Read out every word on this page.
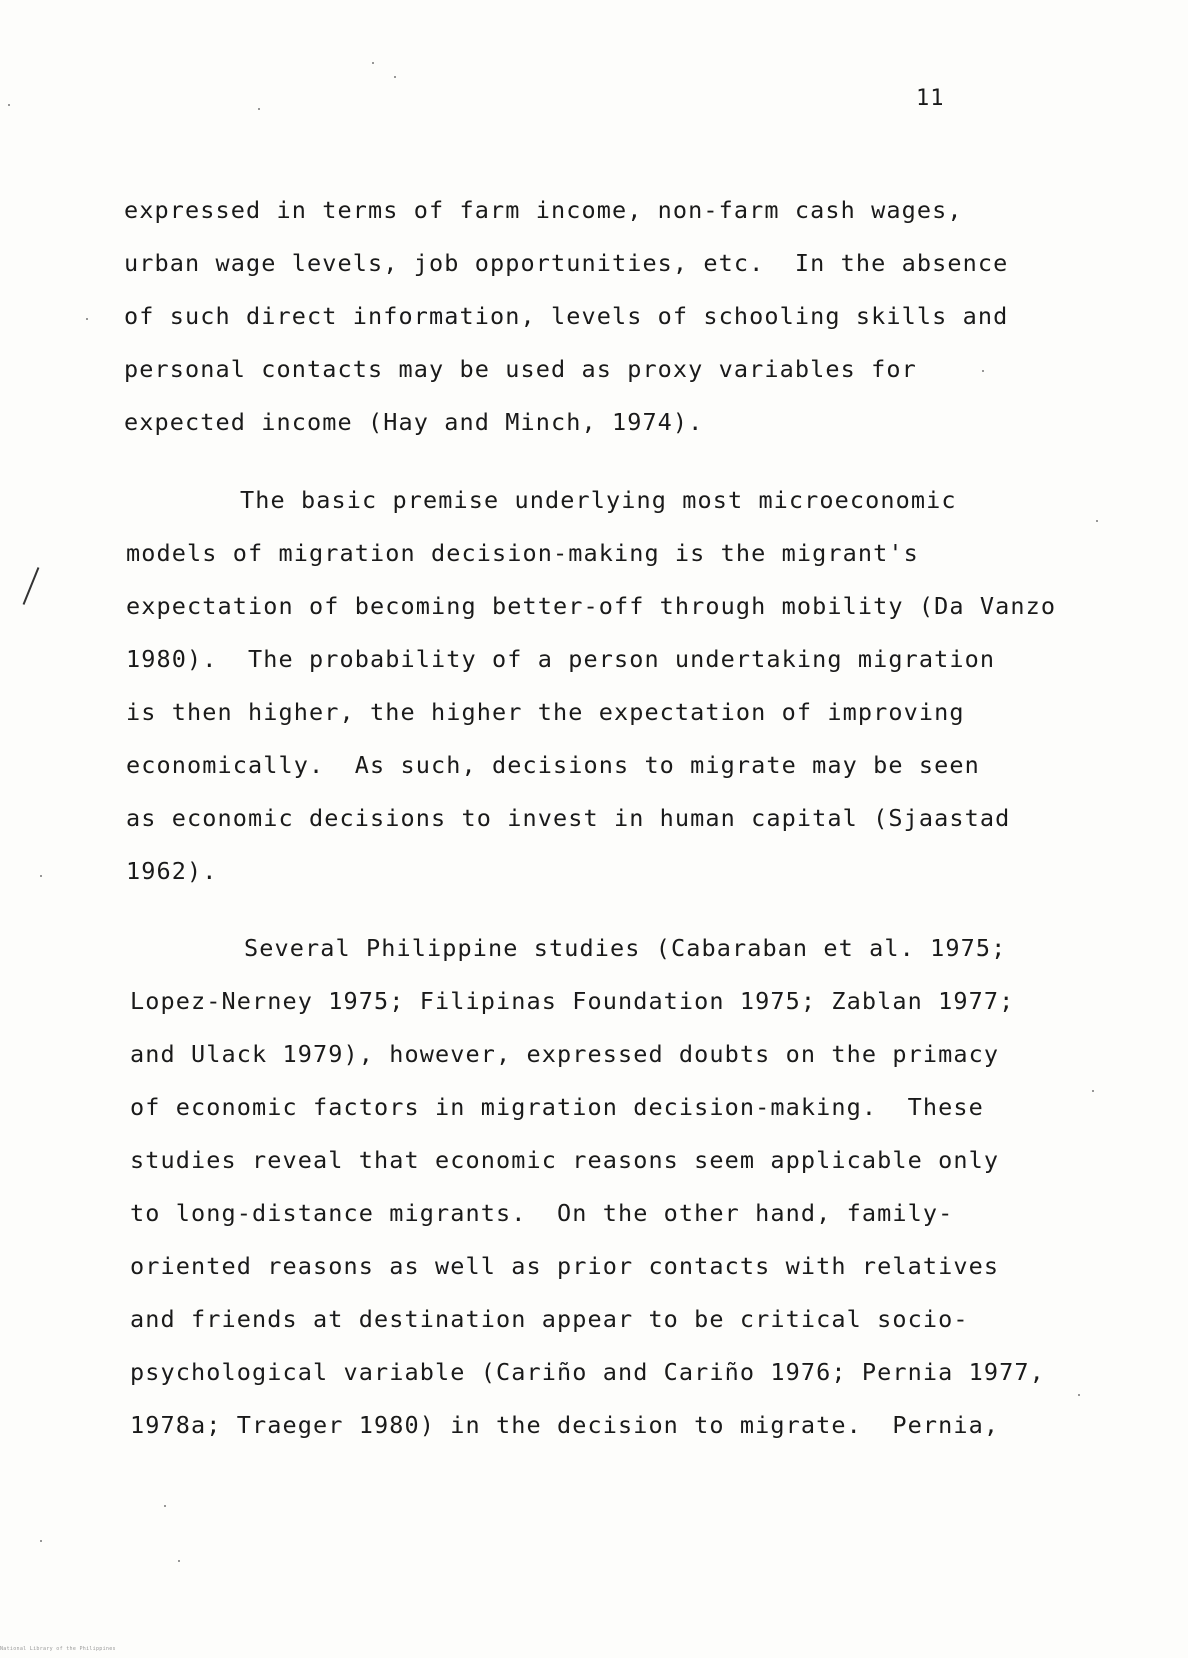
11
expressed in terms of farm income, non-farm cash wages,
urban wage levels, job opportunities, etc.  In the absence
of such direct information, levels of schooling skills and
personal contacts may be used as proxy variables for
expected income (Hay and Minch, 1974).
The basic premise underlying most microeconomic
models of migration decision-making is the migrant's
expectation of becoming better-off through mobility (Da Vanzo
1980).  The probability of a person undertaking migration
is then higher, the higher the expectation of improving
economically.  As such, decisions to migrate may be seen
as economic decisions to invest in human capital (Sjaastad
1962).
Several Philippine studies (Cabaraban et al. 1975;
Lopez-Nerney 1975; Filipinas Foundation 1975; Zablan 1977;
and Ulack 1979), however, expressed doubts on the primacy
of economic factors in migration decision-making.  These
studies reveal that economic reasons seem applicable only
to long-distance migrants.  On the other hand, family-
oriented reasons as well as prior contacts with relatives
and friends at destination appear to be critical socio-
psychological variable (Cariño and Cariño 1976; Pernia 1977,
1978a; Traeger 1980) in the decision to migrate.  Pernia,
National Library of the Philippines
